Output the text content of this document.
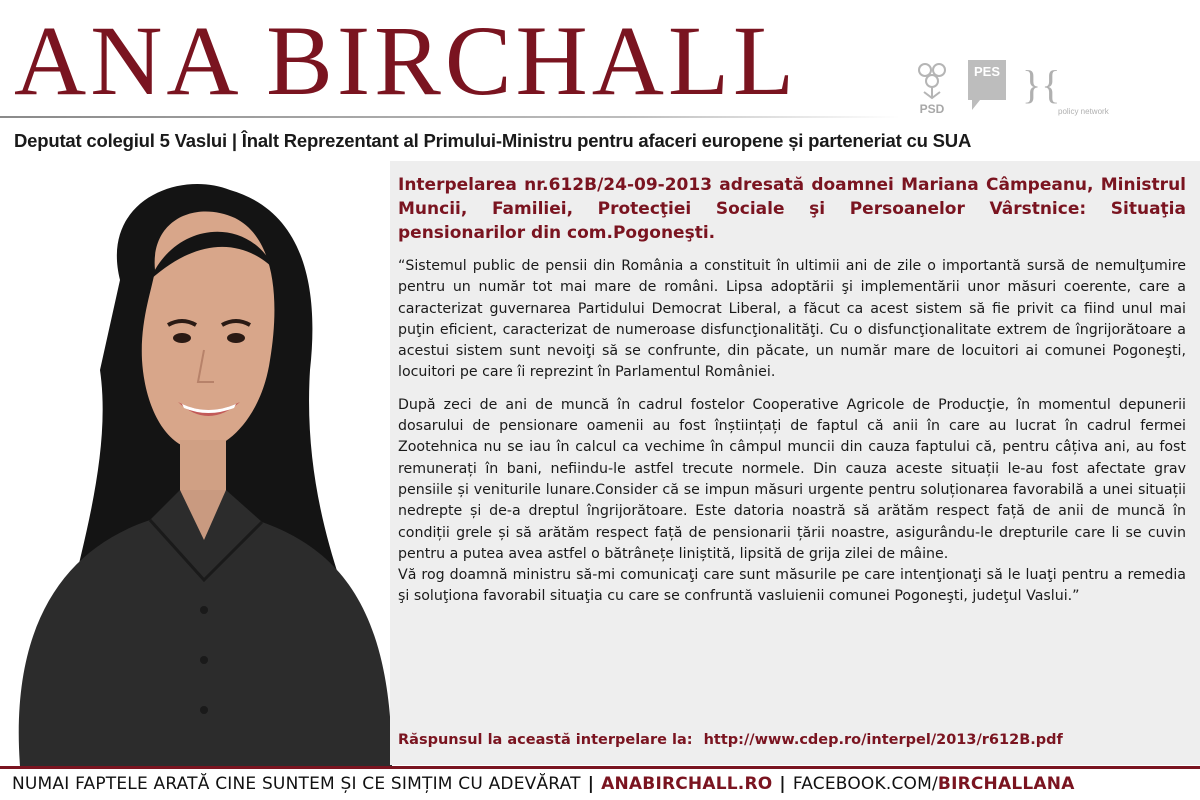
ANA BIRCHALL	PSD
PES }{
policy network
Deputat colegiul 5 Vaslui | Înalt Reprezentant al Primului-Ministru pentru afaceri europene și parteneriat cu SUA
Interpelarea nr.612B/24-09-2013 adresată doamnei Mariana Câmpeanu, Ministrul Muncii, Familiei, Protecţiei Sociale şi Persoanelor Vârstnice: Situaţia pensionarilor din com.Pogoneşti.

“Sistemul public de pensii din România a constituit în ultimii ani de zile o importantă sursă de nemulţumire pentru un număr tot mai mare de români. Lipsa adoptării şi implementării unor măsuri coerente, care a caracterizat guvernarea Partidului Democrat Liberal, a făcut ca acest sistem să fie privit ca fiind unul mai puţin eficient, caracterizat de numeroase disfuncţionalităţi. Cu o disfuncţionalitate extrem de îngrijorătoare a acestui sistem sunt nevoiţi să se confrunte, din păcate, un număr mare de locuitori ai comunei Pogoneşti, locuitori pe care îi reprezint în Parlamentul României.

După zeci de ani de muncă în cadrul fostelor Cooperative Agricole de Producţie, în momentul depunerii dosarului de pensionare oamenii au fost înștiințați de faptul că anii în care au lucrat în cadrul fermei Zootehnica nu se iau în calcul ca vechime în câmpul muncii din cauza faptului că, pentru câțiva ani, au fost remunerați în bani, nefiindu-le astfel trecute normele. Din cauza aceste situații le-au fost afectate grav pensiile și veniturile lunare.Consider că se impun măsuri urgente pentru soluționarea favorabilă a unei situații nedrepte și de-a dreptul îngrijorătoare. Este datoria noastră să arătăm respect față de anii de muncă în condiții grele și să arătăm respect față de pensionarii țării noastre, asigurându-le drepturile care li se cuvin pentru a putea avea astfel o bătrânețe liniștită, lipsită de grija zilei de mâine.

Vă rog doamnă ministru să-mi comunicaţi care sunt măsurile pe care intenţionaţi să le luaţi pentru a remedia şi soluţiona favorabil situaţia cu care se confruntă vasluienii comunei Pogoneşti, judeţul Vaslui.”

Răspunsul la această interpelare la: http://www.cdep.ro/interpel/2013/r612B.pdf
NUMAI FAPTELE ARATĂ CINE SUNTEM ȘI CE SIMȚIM CU ADEVĂRAT | ANABIRCHALL.RO | FACEBOOK.COM/BIRCHALLANA
